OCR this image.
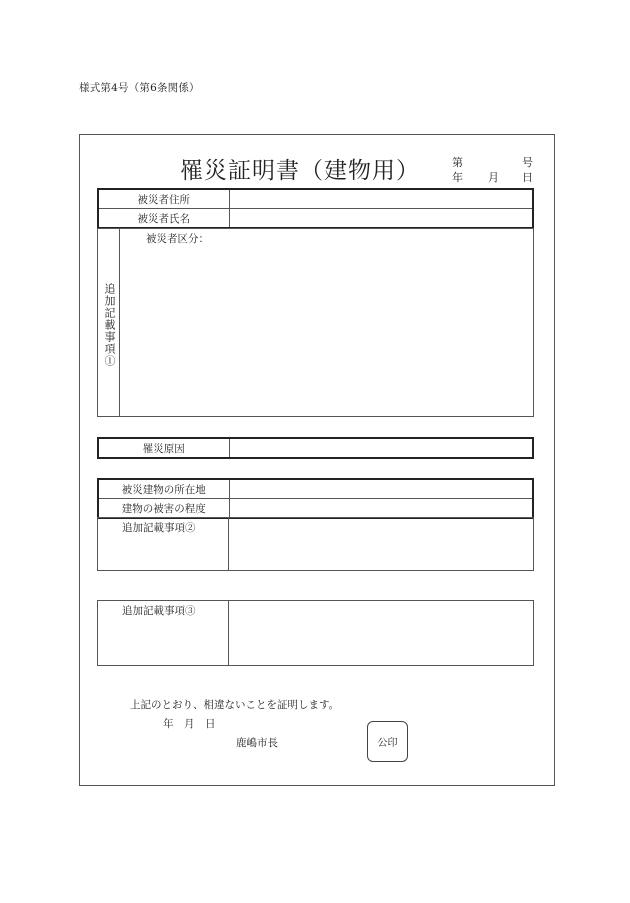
様式第4号（第6条関係）
罹災証明書（建物用）	第	号
年 月 日
被災者住所	
被災者氏名	
追加記載事項①
被災者区分：
罹災原因	
被災建物の所在地	
建物の被害の程度	
追加記載事項②
追加記載事項③
上記のとおり、相違ないことを証明します。
年　月　日
鹿嶋市長	公印
